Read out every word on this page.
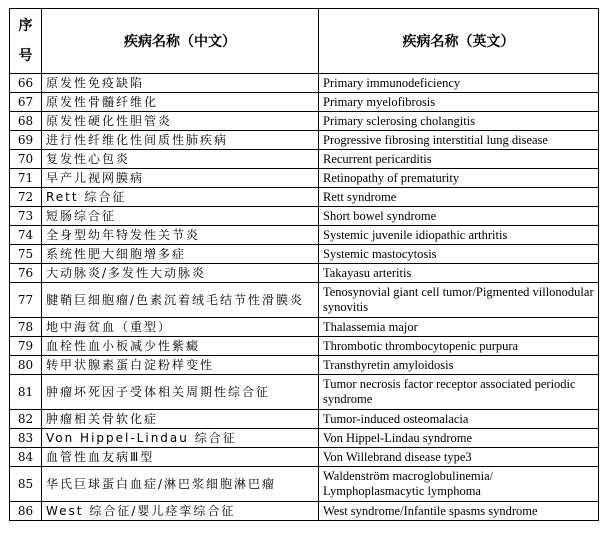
序
号	疾病名称（中文）	疾病名称（英文）
66	原发性免疫缺陷	Primary immunodeficiency
67	原发性骨髓纤维化	Primary myelofibrosis
68	原发性硬化性胆管炎	Primary sclerosing cholangitis
69	进行性纤维化性间质性肺疾病	Progressive fibrosing interstitial lung disease
70	复发性心包炎	Recurrent pericarditis
71	早产儿视网膜病	Retinopathy of prematurity
72	Rett 综合征	Rett syndrome
73	短肠综合征	Short bowel syndrome
74	全身型幼年特发性关节炎	Systemic juvenile idiopathic arthritis
75	系统性肥大细胞增多症	Systemic mastocytosis
76	大动脉炎/多发性大动脉炎	Takayasu arteritis
77	腱鞘巨细胞瘤/色素沉着绒毛结节性滑膜炎	Tenosynovial giant cell tumor/Pigmented villonodular synovitis
78	地中海贫血（重型）	Thalassemia major
79	血栓性血小板减少性紫癜	Thrombotic thrombocytopenic purpura
80	转甲状腺素蛋白淀粉样变性	Transthyretin amyloidosis
81	肿瘤坏死因子受体相关周期性综合征	Tumor necrosis factor receptor associated periodic syndrome
82	肿瘤相关骨软化症	Tumor-induced osteomalacia
83	Von Hippel-Lindau 综合征	Von Hippel-Lindau syndrome
84	血管性血友病Ⅲ型	Von Willebrand disease type3
85	华氏巨球蛋白血症/淋巴浆细胞淋巴瘤	Waldenström macroglobulinemia/ Lymphoplasmacytic lymphoma
86	West 综合征/婴儿痉挛综合征	West syndrome/Infantile spasms syndrome
